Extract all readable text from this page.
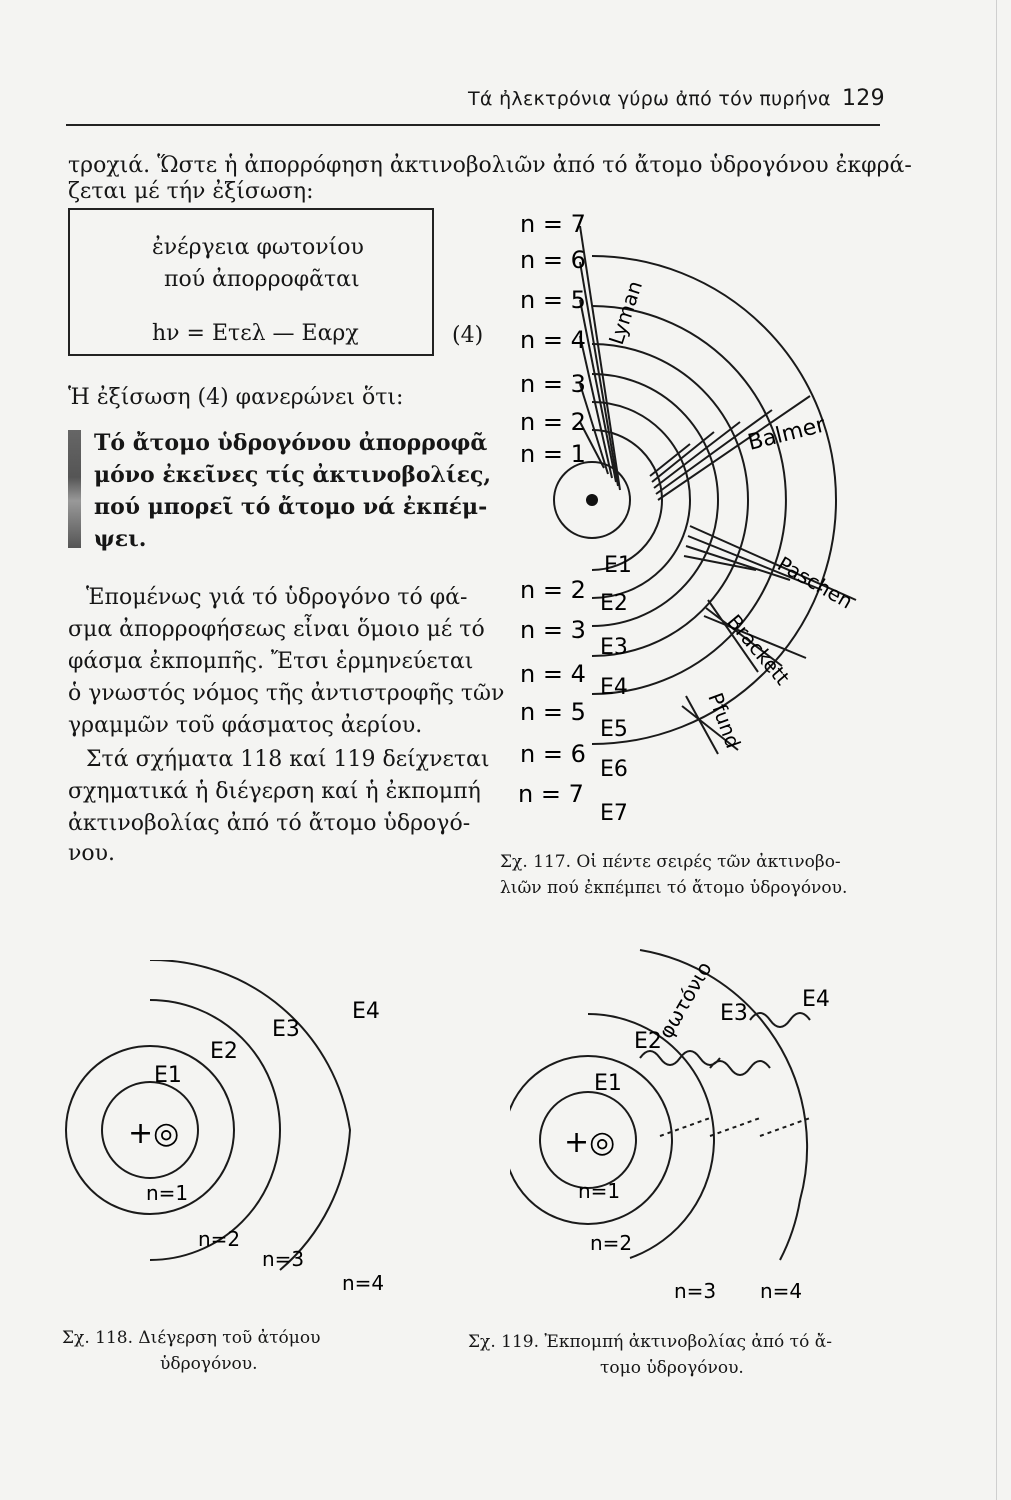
Τά ἠλεκτρόνια γύρω ἀπό τόν πυρήνα 129
τροχιά. Ὥστε ἡ ἀπορρόφηση ἀκτινοβολιῶν ἀπό τό ἄτομο ὑδρογόνου ἐκφρά-
ζεται μέ τήν ἐξίσωση:
ἐνέργεια φωτονίου
πού ἀπορροφᾶται
hν = Eτελ — Eαρχ	(4)
Ἡ ἐξίσωση (4) φανερώνει ὅτι:
Τό ἄτομο ὑδρογόνου ἀπορροφᾶ
μόνο ἐκεῖνες τίς ἀκτινοβολίες,
πού μπορεῖ τό ἄτομο νά ἐκπέμ-
ψει.
Ἑπομένως γιά τό ὑδρογόνο τό φά-
σμα ἀπορροφήσεως εἶναι ὅμοιο μέ τό
φάσμα ἐκπομπῆς. Ἔτσι ἑρμηνεύεται
ὁ γνωστός νόμος τῆς ἀντιστροφῆς τῶν
γραμμῶν τοῦ φάσματος ἀερίου.
Στά σχήματα 118 καί 119 δείχνεται
σχηματικά ἡ διέγερση καί ἡ ἐκπομπή
ἀκτινοβολίας ἀπό τό ἄτομο ὑδρογό-
νου.
n = 7
n = 6
n = 5
n = 4
n = 3
n = 2
n = 1
n = 2
n = 3
n = 4
n = 5
n = 6
n = 7
E1
E2
E3
E4
E5
E6
E7
Lyman
Balmer
Paschen
Brackett
Pfund
Σχ. 117. Οἱ πέντε σειρές τῶν ἀκτινοβο-
λιῶν πού ἐκπέμπει τό ἄτομο ὑδρογόνου.
+◎
E1
E2
E3
E4
n=1
n=2
n=3
n=4
Σχ. 118. Διέγερση τοῦ ἀτόμου
ὑδρογόνου.
+◎
E1
E2
E3
E4
φωτόνιο
n=1
n=2
n=3 n=4
Σχ. 119. Ἐκπομπή ἀκτινοβολίας ἀπό τό ἄ-
τομο ὑδρογόνου.
